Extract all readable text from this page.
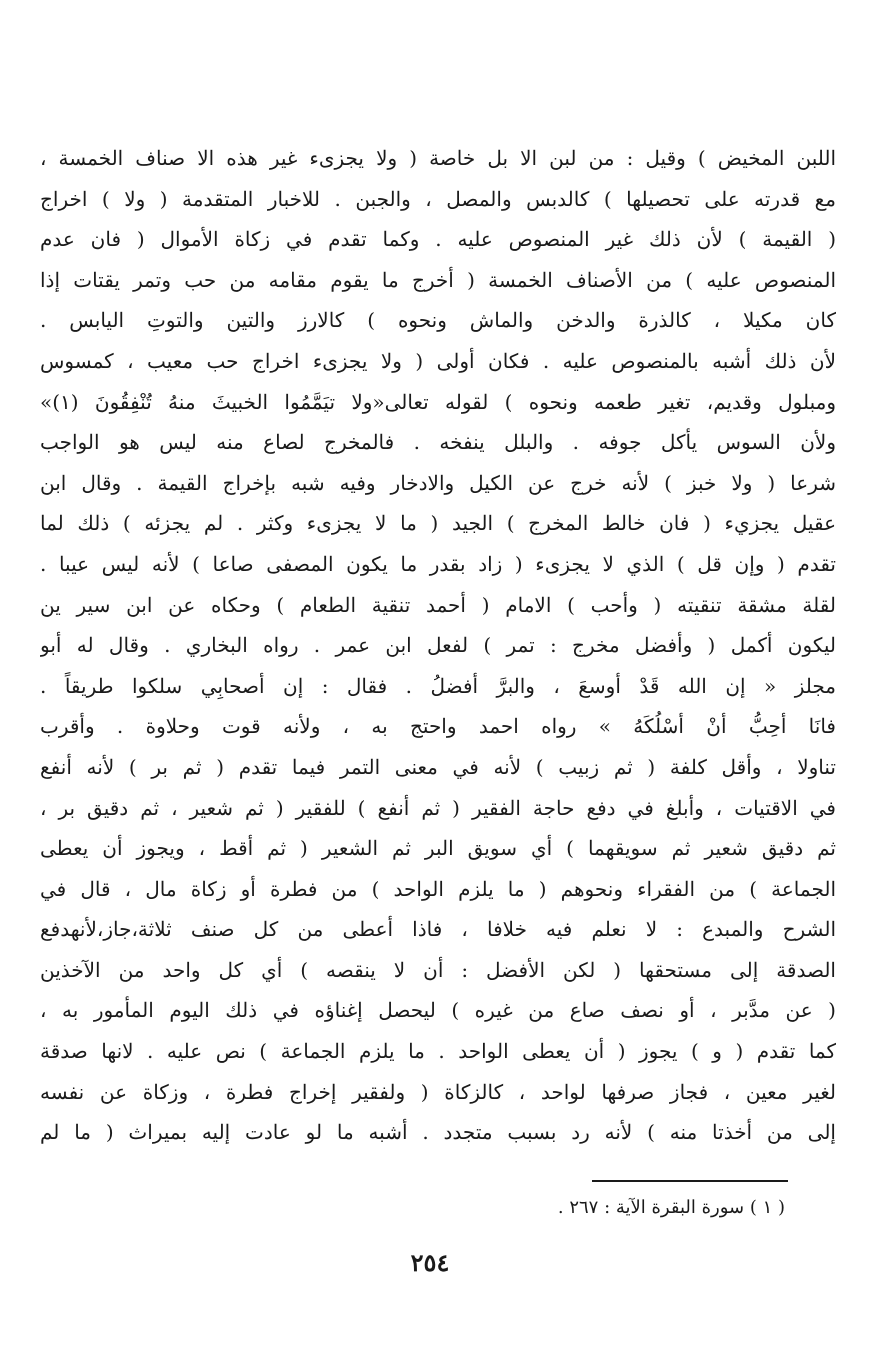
اللبن المخيض ) وقيل : من لبن الا بل خاصة ( ولا يجزىء غير هذه الا صناف الخمسة ،
مع قدرته على تحصيلها ) كالدبس والمصل ، والجبن . للاخبار المتقدمة ( ولا ) اخراج
( القيمة ) لأن ذلك غير المنصوص عليه . وكما تقدم في زكاة الأموال ( فان عدم
المنصوص عليه ) من الأصناف الخمسة ( أخرج ما يقوم مقامه من حب وتمر يقتات إذا
كان مكيلا ، كالذرة والدخن والماش ونحوه ) كالارز والتين والتوتِ اليابس .
لأن ذلك أشبه بالمنصوص عليه . فكان أولى ( ولا يجزىء اخراج حب معيب ، كمسوس
ومبلول وقديم، تغير طعمه ونحوه ) لقوله تعالى«ولا تيَمَّمُوا الخبيثَ منهُ تُنْفِقُونَ (١)»
ولأن السوس يأكل جوفه . والبلل ينفخه . فالمخرج لصاع منه ليس هو الواجب
شرعا ( ولا خبز ) لأنه خرج عن الكيل والادخار وفيه شبه بإخراج القيمة . وقال ابن
عقيل يجزيء ( فان خالط المخرج ) الجيد ( ما لا يجزىء وكثر . لم يجزئه ) ذلك لما
تقدم ( وإن قل ) الذي لا يجزىء ( زاد بقدر ما يكون المصفى صاعا ) لأنه ليس عيبا .
لقلة مشقة تنقيته ( وأحب ) الامام ( أحمد تنقية الطعام ) وحكاه عن ابن سير ين
ليكون أكمل ( وأفضل مخرج : تمر ) لفعل ابن عمر . رواه البخاري . وقال له أبو
مجلز « إن الله قَدْ أوسعَ ، والبرَّ أفضلُ . فقال : إن أصحابِي سلكوا طريقاً .
فانَا أحِبُّ أنْ أسْلُكَهُ » رواه احمد واحتج به ، ولأنه قوت وحلاوة . وأقرب
تناولا ، وأقل كلفة ( ثم زبيب ) لأنه في معنى التمر فيما تقدم ( ثم بر ) لأنه أنفع
في الاقتيات ، وأبلغ في دفع حاجة الفقير ( ثم أنفع ) للفقير ( ثم شعير ، ثم دقيق بر ،
ثم دقيق شعير ثم سويقهما ) أي سويق البر ثم الشعير ( ثم أقط ، ويجوز أن يعطى
الجماعة ) من الفقراء ونحوهم ( ما يلزم الواحد ) من فطرة أو زكاة مال ، قال في
الشرح والمبدع : لا نعلم فيه خلافا ، فاذا أعطى من كل صنف ثلاثة،جاز،لأنهدفع
الصدقة إلى مستحقها ( لكن الأفضل : أن لا ينقصه ) أي كل واحد من الآخذين
( عن مدَّبر ، أو نصف صاع من غيره ) ليحصل إغناؤه في ذلك اليوم المأمور به ،
كما تقدم ( و ) يجوز ( أن يعطى الواحد . ما يلزم الجماعة ) نص عليه . لانها صدقة
لغير معين ، فجاز صرفها لواحد ، كالزكاة ( ولفقير إخراج فطرة ، وزكاة عن نفسه
إلى من أخذتا منه ) لأنه رد بسبب متجدد . أشبه ما لو عادت إليه بميراث ( ما لم
( ١ ) سورة البقرة الآية : ٢٦٧ .
٢٥٤
